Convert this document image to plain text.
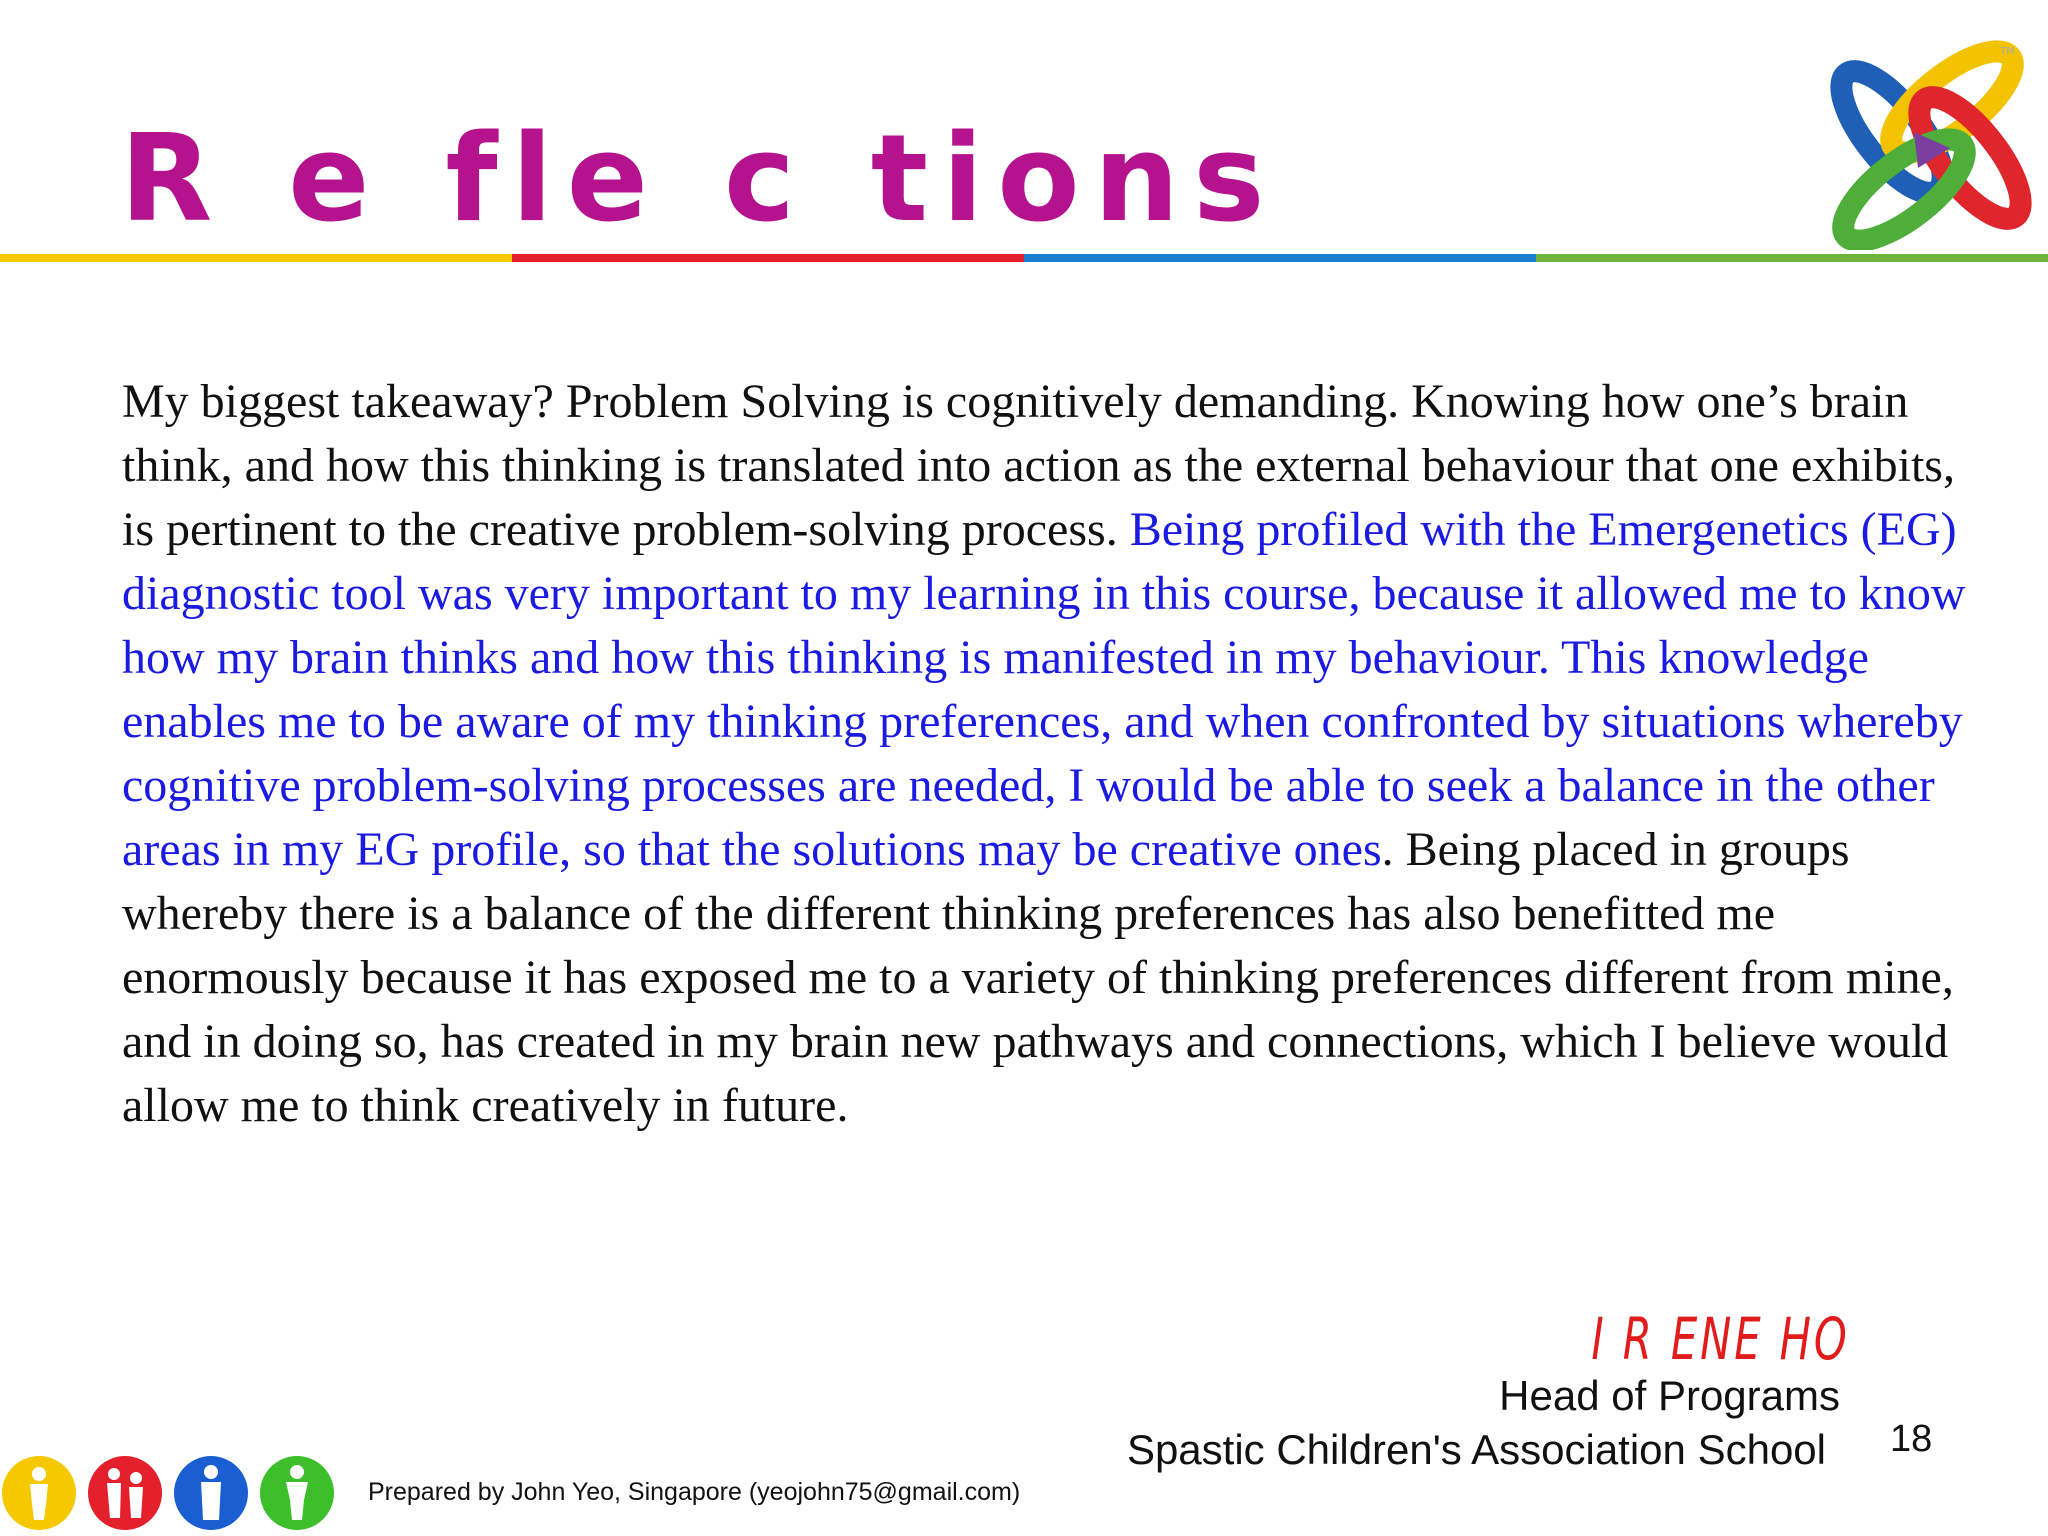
R e fle c tions
TM

My biggest takeaway? Problem Solving is cognitively demanding. Knowing how one’s brain think, and how this thinking is translated into action as the external behaviour that one exhibits, is pertinent to the creative problem-solving process. Being profiled with the Emergenetics (EG) diagnostic tool was very important to my learning in this course, because it allowed me to know how my brain thinks and how this thinking is manifested in my behaviour. This knowledge enables me to be aware of my thinking preferences, and when confronted by situations whereby cognitive problem-solving processes are needed, I would be able to seek a balance in the other areas in my EG profile, so that the solutions may be creative ones. Being placed in groups whereby there is a balance of the different thinking preferences has also benefitted me enormously because it has exposed me to a variety of thinking preferences different from mine, and in doing so, has created in my brain new pathways and connections, which I believe would allow me to think creatively in future.

I R ENE HO
Head of Programs
Spastic Children's Association School 18
Prepared by John Yeo, Singapore (yeojohn75@gmail.com)
